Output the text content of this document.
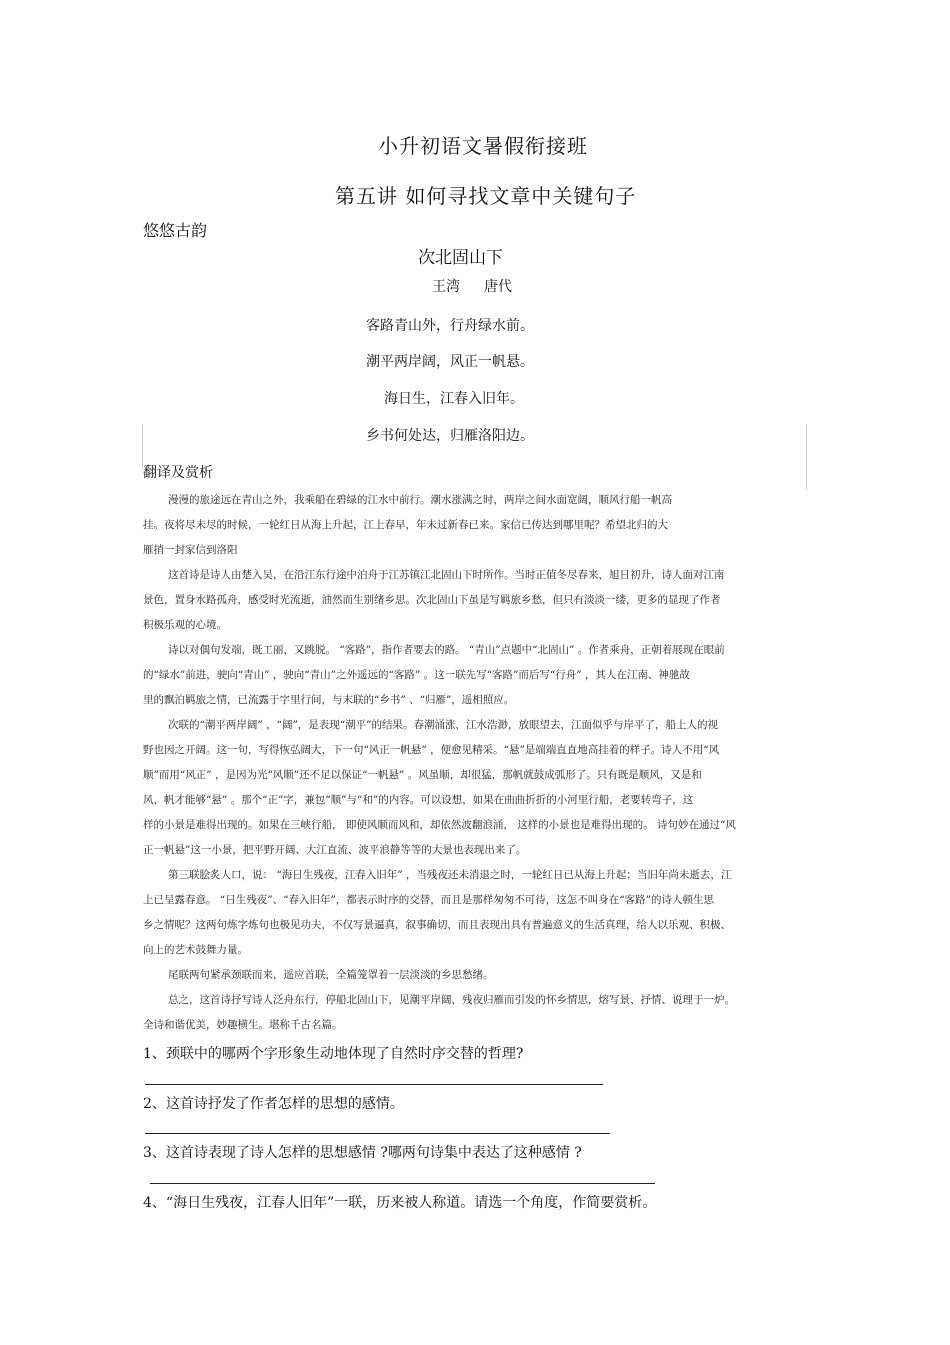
小升初语文暑假衔接班
第五讲 如何寻找文章中关键句子
悠悠古韵
次北固山下
王湾 唐代
客路青山外，行舟绿水前。
潮平两岸阔，风正一帆悬。
海日生，江春入旧年。
乡书何处达，归雁洛阳边。
翻译及赏析
漫漫的旅途远在青山之外，我乘船在碧绿的江水中前行。潮水涨满之时，两岸之间水面宽阔，顺风行船一帆高
挂。夜将尽未尽的时候，一轮红日从海上升起，江上春早，年未过新春已来。家信已传达到哪里呢？希望北归的大
雁捎一封家信到洛阳
这首诗是诗人由楚入吴，在沿江东行途中泊舟于江苏镇江北固山下时所作。当时正值冬尽春来，旭日初升，诗人面对江南
景色，置身水路孤舟，感受时光流逝，油然而生别绪乡思。次北固山下虽是写羁旅乡愁，但只有淡淡一缕，更多的显现了作者
积极乐观的心境。
诗以对偶句发端，既工丽，又跳脱。 “客路”，指作者要去的路。 “青山”点题中“北固山” 。作者乘舟，正朝着展现在眼前
的“绿水”前进，驶向“青山” ，驶向“青山”之外遥远的“客路” 。这一联先写“客路”而后写“行舟” ，其人在江南、神驰故
里的飘泊羁旅之情，已流露于字里行间，与末联的“乡书” 、“归雁”，遥相照应。
次联的“潮平两岸阔” ，“阔”，是表现“潮平”的结果。春潮涌涨，江水浩渺，放眼望去，江面似乎与岸平了，船上人的视
野也因之开阔。这一句，写得恢弘阔大，下一句“风正一帆悬” ，便愈见精采。“悬”是端端直直地高挂着的样子。诗人不用“风
顺”而用“风正” ，是因为光“风顺”还不足以保证“一帆悬” 。风虽顺，却很猛，那帆就鼓成弧形了。只有既是顺风，又是和
风，帆才能够“悬” 。那个“正”字，兼包“顺”与“和”的内容。可以设想，如果在曲曲折折的小河里行船，老要转弯子，这
样的小景是难得出现的。如果在三峡行船， 即使风顺而风和，却依然波翻浪涌， 这样的小景也是难得出现的。 诗句妙在通过“风
正一帆悬”这一小景，把平野开阔、大江直流、波平浪静等等的大景也表现出来了。
第三联脍炙人口，说： “海日生残夜，江春入旧年” ，当残夜还未消退之时，一轮红日已从海上升起；当旧年尚未逝去，江
上已呈露春意。 “日生残夜”、“春入旧年”，都表示时序的交替，而且是那样匆匆不可待，这怎不叫身在“客路”的诗人顿生思
乡之情呢？这两句炼字炼句也极见功夫，不仅写景逼真，叙事确切，而且表现出具有普遍意义的生活真理，给人以乐观、积极、
向上的艺术鼓舞力量。
尾联两句紧承颈联而来，遥应首联，全篇笼罩着一层淡淡的乡思愁绪。
总之，这首诗抒写诗人泛舟东行，停船北固山下，见潮平岸阔，残夜归雁而引发的怀乡情思，熔写景、抒情、说理于一炉。
全诗和谐优美，妙趣横生。堪称千古名篇。
1、颈联中的哪两个字形象生动地体现了自然时序交替的哲理?
2、这首诗抒发了作者怎样的思想的感情。
3、这首诗表现了诗人怎样的思想感情 ?哪两句诗集中表达了这种感情 ?
4、“海日生残夜，江春人旧年”一联，历来被人称道。请选一个角度，作简要赏析。
